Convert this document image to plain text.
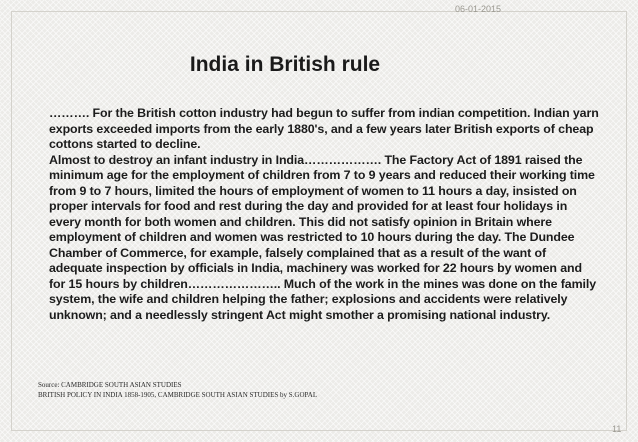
06-01-2015
India in British rule

………. For the British cotton industry had begun to suffer from indian competition. Indian yarn exports exceeded imports from the early 1880's, and a few years later British exports of cheap cottons started to decline.

Almost to destroy an infant industry in India………………. The Factory Act of 1891 raised the minimum age for the employment of children from 7 to 9 years and reduced their working time from 9 to 7 hours, limited the hours of employment of women to 11 hours a day, insisted on proper intervals for food and rest during the day and provided for at least four holidays in every month for both women and children. This did not satisfy opinion in Britain where employment of children and women was restricted to 10 hours during the day. The Dundee Chamber of Commerce, for example, falsely complained that as a result of the want of adequate inspection by officials in India, machinery was worked for 22 hours by women and for 15 hours by children………………….. Much of the work in the mines was done on the family system, the wife and children helping the father; explosions and accidents were relatively unknown; and a needlessly stringent Act might smother a promising national industry.

Source: CAMBRIDGE SOUTH ASIAN STUDIES
BRITISH POLICY IN INDIA 1858-1905, CAMBRIDGE SOUTH ASIAN STUDIES by S.GOPAL
11
